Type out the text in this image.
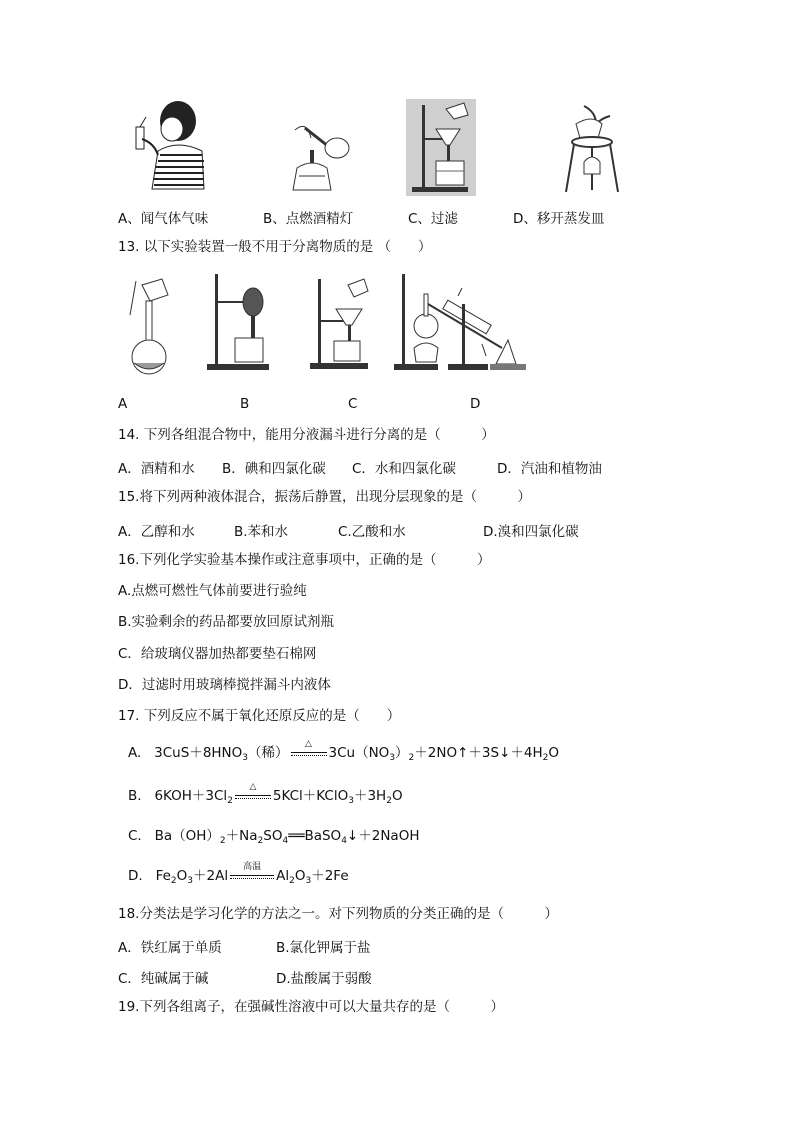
A、闻气体气味	B、点燃酒精灯	C、过滤	D、移开蒸发皿
13. 以下实验装置一般不用于分离物质的是 （　　）
A	B	C	D
14. 下列各组混合物中，能用分液漏斗进行分离的是（　　　）
A．酒精和水 B．碘和四氯化碳 C．水和四氯化碳	D．汽油和植物油
15.将下列两种液体混合，振荡后静置，出现分层现象的是（　　　）
A．乙醇和水	B.苯和水	C.乙酸和水	D.溴和四氯化碳
16.下列化学实验基本操作或注意事项中，正确的是（　　　）
A.点燃可燃性气体前要进行验纯
B.实验剩余的药品都要放回原试剂瓶
C．给玻璃仪器加热都要垫石棉网
D．过滤时用玻璃棒搅拌漏斗内液体
17. 下列反应不属于氧化还原反应的是（　　）
A. $3CuS+8HNO_3$（稀）
△
$3Cu(NO_3)_2+2NO↑+3S↓+4H_2O$
B. $6KOH+3Cl_2$
△
$5KCl+KClO_3+3H_2O$
C. $Ba(OH)_2+Na_2SO_4══BaSO_4↓+2NaOH$
D. $Fe_2O_3+2Al$
高温
$Al_2O_3+2Fe$
18.分类法是学习化学的方法之一。对下列物质的分类正确的是（　　　）
A．铁红属于单质	B.氯化钾属于盐
C．纯碱属于碱	D.盐酸属于弱酸
19.下列各组离子，在强碱性溶液中可以大量共存的是（　　　）
